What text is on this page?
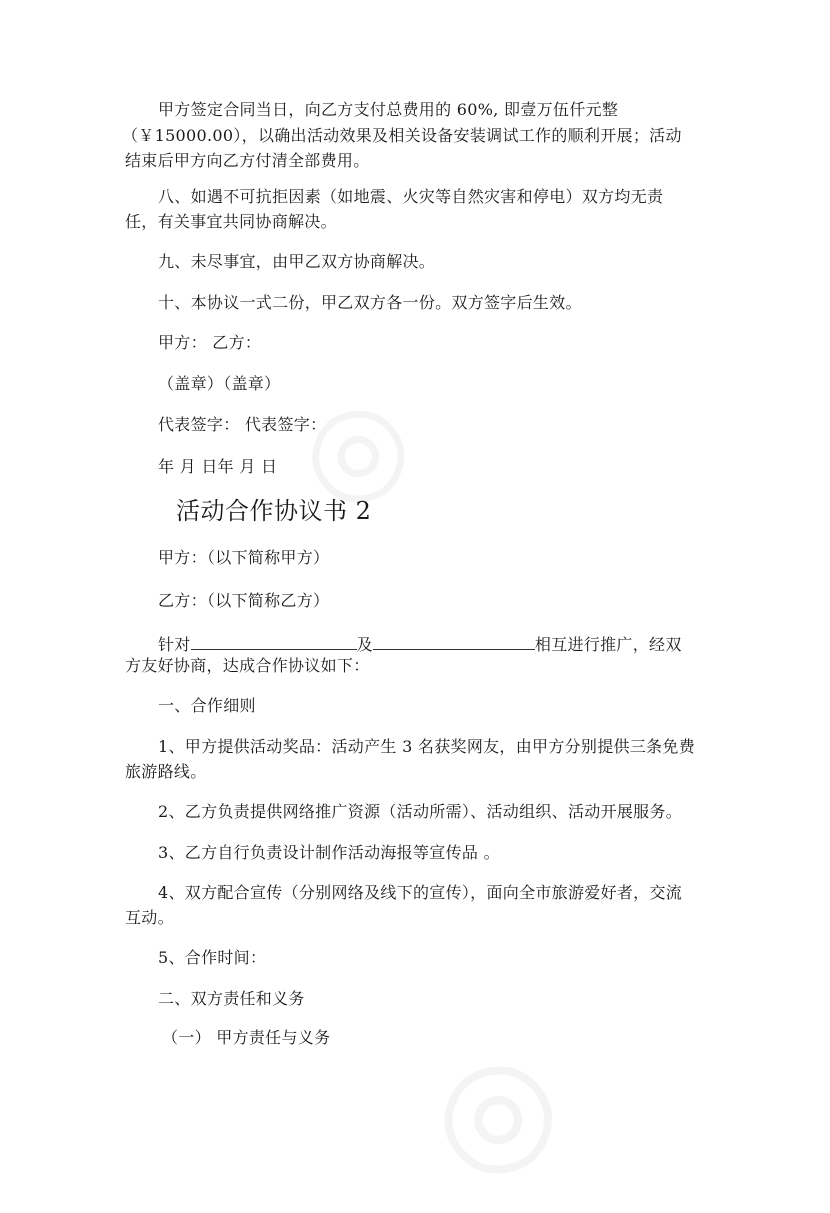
甲方签定合同当日，向乙方支付总费用的 60%, 即壹万伍仟元整
（￥15000.00），以确出活动效果及相关设备安装调试工作的顺利开展；活动
结束后甲方向乙方付清全部费用。
八、如遇不可抗拒因素（如地震、火灾等自然灾害和停电）双方均无责
任，有关事宜共同协商解决。
九、未尽事宜，由甲乙双方协商解决。
十、本协议一式二份，甲乙双方各一份。双方签字后生效。
甲方： 乙方：
（盖章）（盖章）
代表签字： 代表签字：
年 月 日年 月 日
活动合作协议书 2
甲方：（以下简称甲方）
乙方：（以下简称乙方）
针对	及	相互进行推广，经双
方友好协商，达成合作协议如下：
一、合作细则
1、甲方提供活动奖品：活动产生 3 名获奖网友，由甲方分别提供三条免费
旅游路线。
2、乙方负责提供网络推广资源（活动所需）、活动组织、活动开展服务。
3、乙方自行负责设计制作活动海报等宣传品 。
4、双方配合宣传（分别网络及线下的宣传），面向全市旅游爱好者，交流
互动。
5、合作时间：
二、双方责任和义务
（一） 甲方责任与义务
